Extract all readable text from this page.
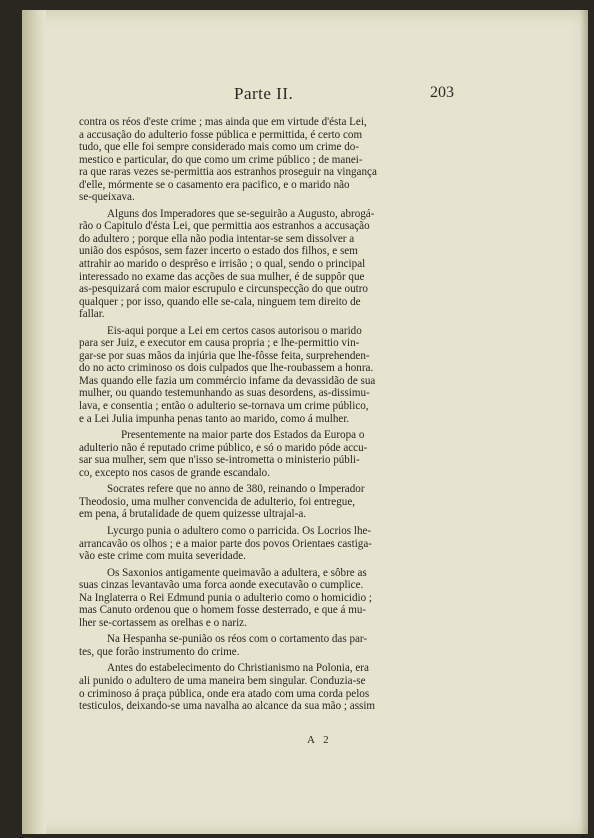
Parte II.	203
contra os réos d'este crime ; mas ainda que em virtude d'ésta Lei,
a accusação do adulterio fosse pública e permittida, é certo com
tudo, que elle foi sempre considerado mais como um crime do-
mestico e particular, do que como um crime público ; de manei-
ra que raras vezes se-permittia aos estranhos proseguir na vingança
d'elle, mórmente se o casamento era pacifico, e o marido não
se-queixava.
Alguns dos Imperadores que se-seguirão a Augusto, abrogá-
rão o Capitulo d'ésta Lei, que permittia aos estranhos a accusação
do adultero ; porque ella não podia intentar-se sem dissolver a
união dos espósos, sem fazer incerto o estado dos filhos, e sem
attrahir ao marido o desprêso e irrisão ; o qual, sendo o principal
interessado no exame das acções de sua mulher, é de suppôr que
as-pesquizará com maior escrupulo e circunspecção do que outro
qualquer ; por isso, quando elle se-cala, ninguem tem direito de
fallar.
Eis-aqui porque a Lei em certos casos autorisou o marido
para ser Juiz, e executor em causa propria ; e lhe-permittio vin-
gar-se por suas mãos da injúria que lhe-fôsse feita, surprehenden-
do no acto criminoso os dois culpados que lhe-roubassem a honra.
Mas quando elle fazia um commércio infame da devassidão de sua
mulher, ou quando testemunhando as suas desordens, as-dissimu-
lava, e consentia ; então o adulterio se-tornava um crime público,
e a Lei Julia impunha penas tanto ao marido, como á mulher.
Presentemente na maior parte dos Estados da Europa o
adulterio não é reputado crime público, e só o marido póde accu-
sar sua mulher, sem que n'isso se-intrometta o ministerio públi-
co, excepto nos casos de grande escandalo.
Socrates refere que no anno de 380, reinando o Imperador
Theodosio, uma mulher convencida de adulterio, foi entregue,
em pena, á brutalidade de quem quizesse ultrajal-a.
Lycurgo punia o adultero como o parricida. Os Locrios lhe-
arrancavão os olhos ; e a maior parte dos povos Orientaes castiga-
vão este crime com muita severidade.
Os Saxonios antigamente queimavão a adultera, e sôbre as
suas cinzas levantavão uma forca aonde executavão o cumplice.
Na Inglaterra o Rei Edmund punia o adulterio como o homicidio ;
mas Canuto ordenou que o homem fosse desterrado, e que á mu-
lher se-cortassem as orelhas e o nariz.
Na Hespanha se-punião os réos com o cortamento das par-
tes, que forão instrumento do crime.
Antes do estabelecimento do Christianismo na Polonia, era
ali punido o adultero de uma maneira bem singular. Conduzia-se
o criminoso á praça pública, onde era atado com uma corda pelos
testiculos, deixando-se uma navalha ao alcance da sua mão ; assim
A 2
